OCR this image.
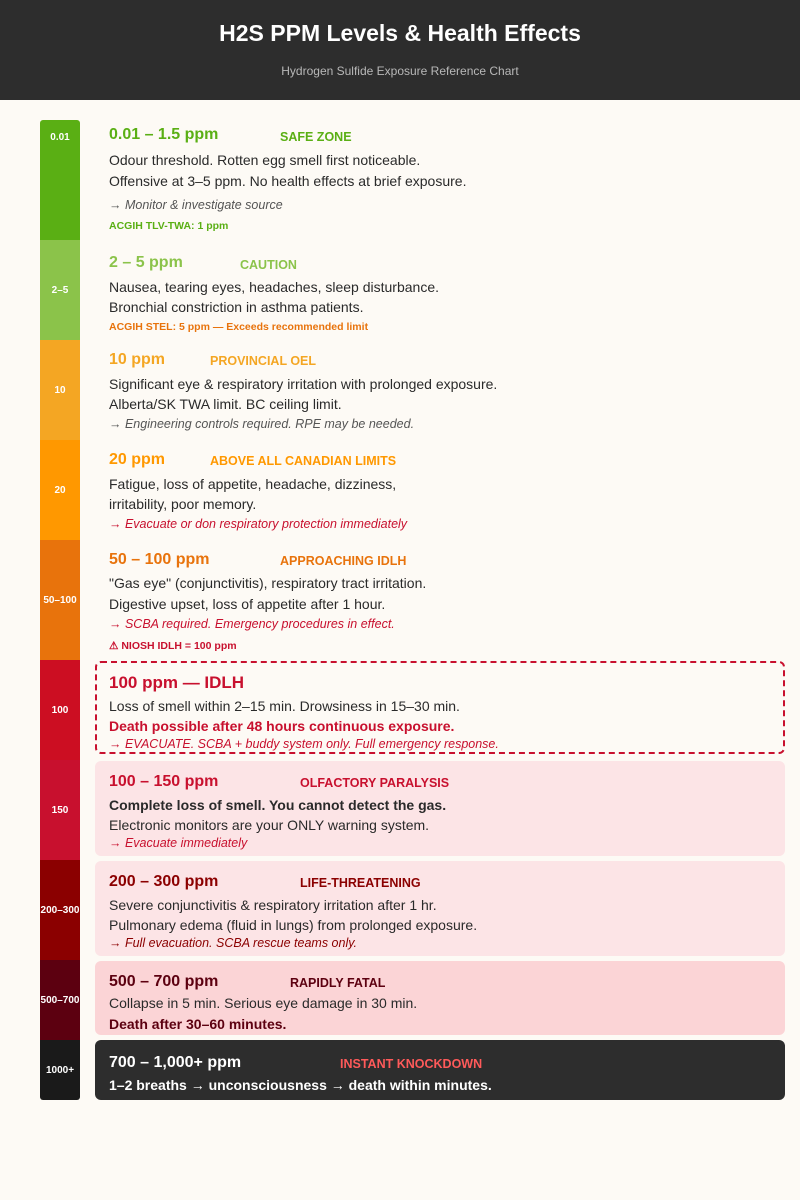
H2S PPM Levels & Health Effects
Hydrogen Sulfide Exposure Reference Chart
0.01
2–5
10
20
50–100
100
150
200–300
500–700
1000+
0.01 – 1.5 ppm	SAFE ZONE
Odour threshold. Rotten egg smell first noticeable.
Offensive at 3–5 ppm. No health effects at brief exposure.
→ Monitor & investigate source
ACGIH TLV-TWA: 1 ppm
2 – 5 ppm	CAUTION
Nausea, tearing eyes, headaches, sleep disturbance.
Bronchial constriction in asthma patients.
ACGIH STEL: 5 ppm — Exceeds recommended limit
10 ppm	PROVINCIAL OEL
Significant eye & respiratory irritation with prolonged exposure.
Alberta/SK TWA limit. BC ceiling limit.
→ Engineering controls required. RPE may be needed.
20 ppm	ABOVE ALL CANADIAN LIMITS
Fatigue, loss of appetite, headache, dizziness,
irritability, poor memory.
→ Evacuate or don respiratory protection immediately
50 – 100 ppm	APPROACHING IDLH
"Gas eye" (conjunctivitis), respiratory tract irritation.
Digestive upset, loss of appetite after 1 hour.
→ SCBA required. Emergency procedures in effect.
⚠ NIOSH IDLH = 100 ppm
100 ppm — IDLH
Loss of smell within 2–15 min. Drowsiness in 15–30 min.
Death possible after 48 hours continuous exposure.
→ EVACUATE. SCBA + buddy system only. Full emergency response.
100 – 150 ppm	OLFACTORY PARALYSIS
Complete loss of smell. You cannot detect the gas.
Electronic monitors are your ONLY warning system.
→ Evacuate immediately
200 – 300 ppm	LIFE-THREATENING
Severe conjunctivitis & respiratory irritation after 1 hr.
Pulmonary edema (fluid in lungs) from prolonged exposure.
→ Full evacuation. SCBA rescue teams only.
500 – 700 ppm	RAPIDLY FATAL
Collapse in 5 min. Serious eye damage in 30 min.
Death after 30–60 minutes.
700 – 1,000+ ppm	INSTANT KNOCKDOWN
1–2 breaths → unconsciousness → death within minutes.
